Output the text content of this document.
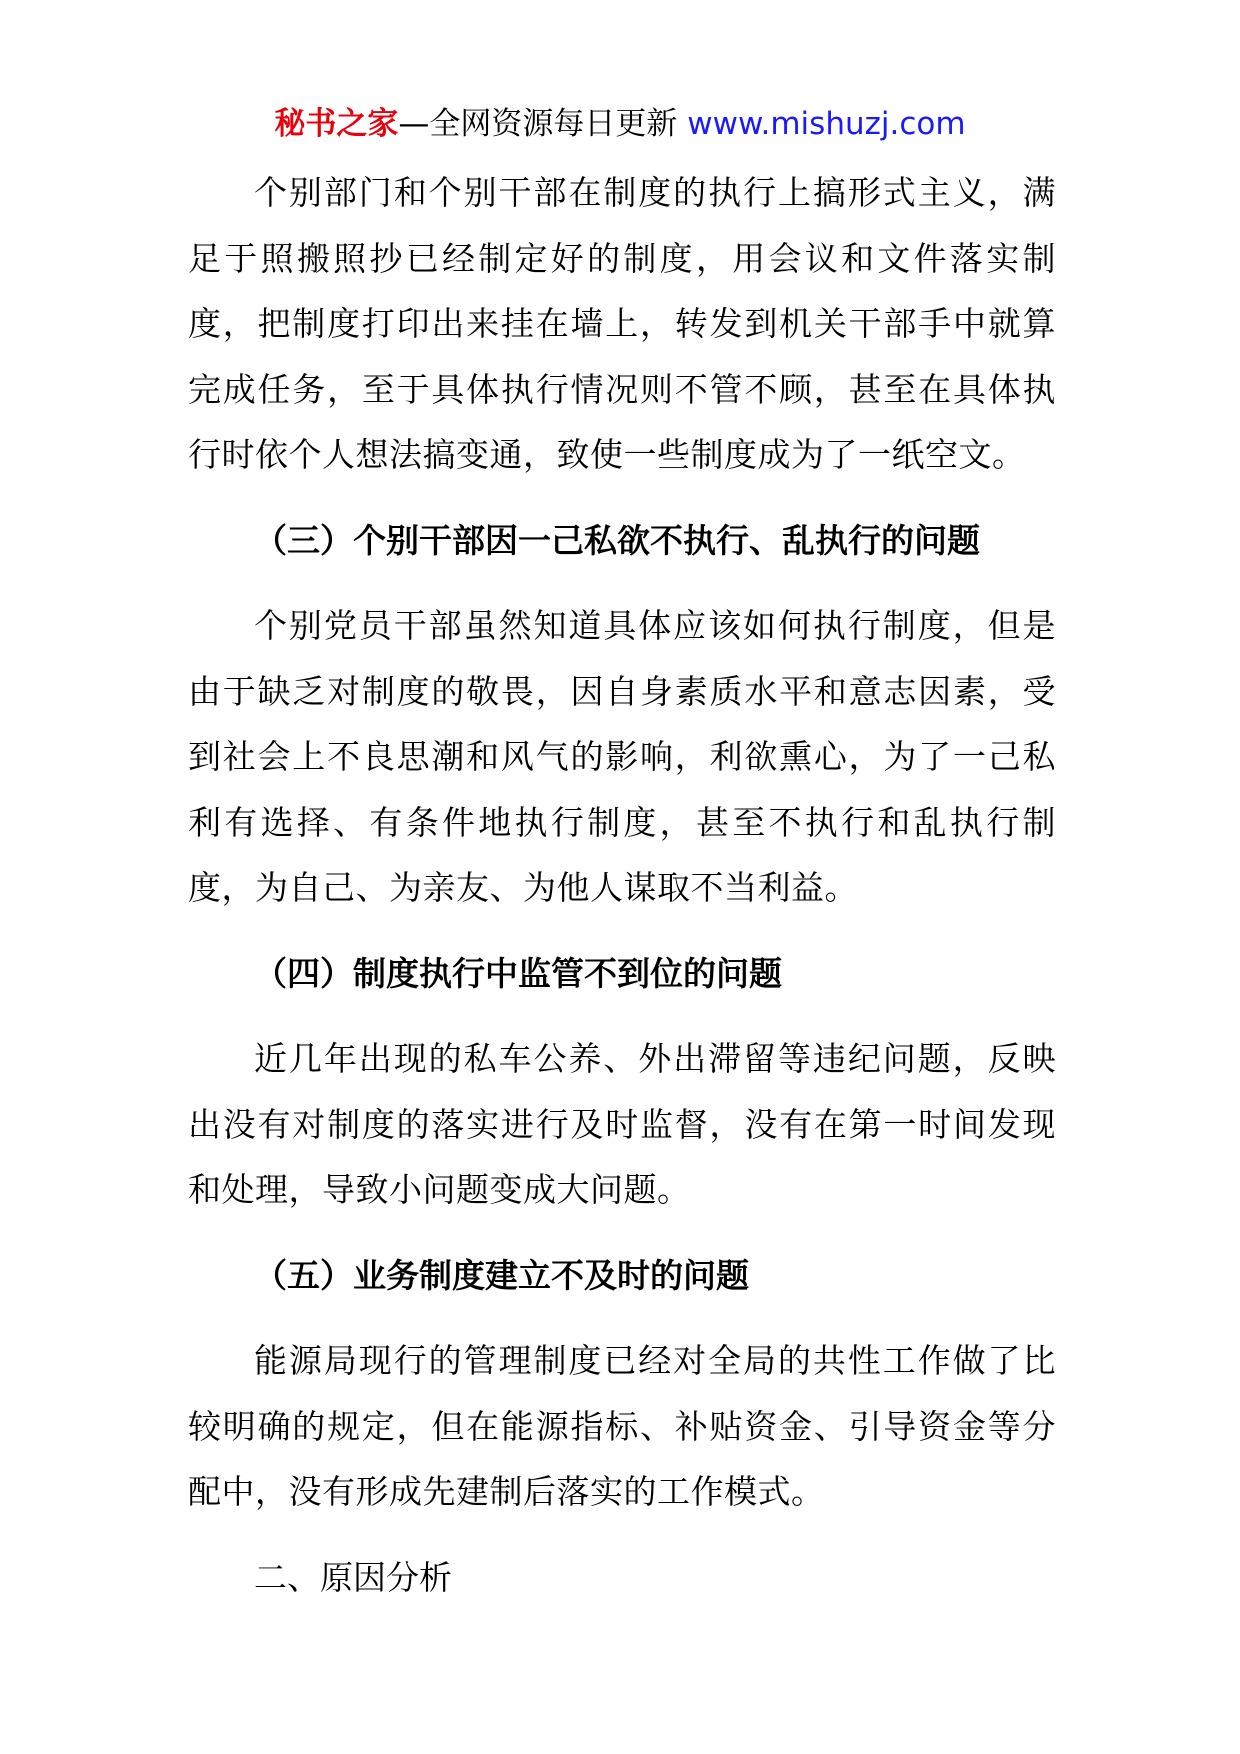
秘书之家—全网资源每日更新 www.mishuzj.com

个别部门和个别干部在制度的执行上搞形式主义，满足于照搬照抄已经制定好的制度，用会议和文件落实制度，把制度打印出来挂在墙上，转发到机关干部手中就算完成任务，至于具体执行情况则不管不顾，甚至在具体执行时依个人想法搞变通，致使一些制度成为了一纸空文。

（三）个别干部因一己私欲不执行、乱执行的问题

个别党员干部虽然知道具体应该如何执行制度，但是由于缺乏对制度的敬畏，因自身素质水平和意志因素，受到社会上不良思潮和风气的影响，利欲熏心，为了一己私利有选择、有条件地执行制度，甚至不执行和乱执行制度，为自己、为亲友、为他人谋取不当利益。

（四）制度执行中监管不到位的问题

近几年出现的私车公养、外出滞留等违纪问题，反映出没有对制度的落实进行及时监督，没有在第一时间发现和处理，导致小问题变成大问题。

（五）业务制度建立不及时的问题

能源局现行的管理制度已经对全局的共性工作做了比较明确的规定，但在能源指标、补贴资金、引导资金等分配中，没有形成先建制后落实的工作模式。

二、原因分析
